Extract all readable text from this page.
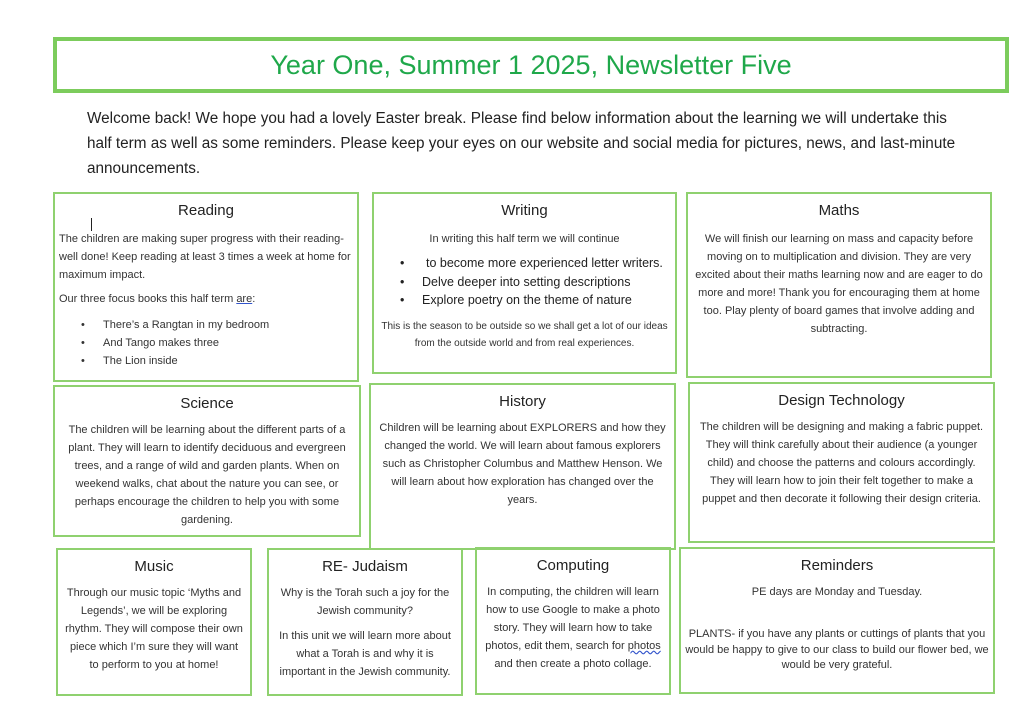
Year One, Summer 1 2025, Newsletter Five
Welcome back! We hope you had a lovely Easter break. Please find below information about the learning we will undertake this half term as well as some reminders. Please keep your eyes on our website and social media for pictures, news, and last-minute announcements.
Reading

The children are making super progress with their reading- well done! Keep reading at least 3 times a week at home for maximum impact.

Our three focus books this half term are:

• There’s a Rangtan in my bedroom
• And Tango makes three
• The Lion inside
Writing

In writing this half term we will continue

• to become more experienced letter writers.
• Delve deeper into setting descriptions
• Explore poetry on the theme of nature

This is the season to be outside so we shall get a lot of our ideas from the outside world and from real experiences.

Maths

We will finish our learning on mass and capacity before moving on to multiplication and division. They are very excited about their maths learning now and are eager to do more and more! Thank you for encouraging them at home too. Play plenty of board games that involve adding and subtracting.

Science

The children will be learning about the different parts of a plant. They will learn to identify deciduous and evergreen trees, and a range of wild and garden plants. When on weekend walks, chat about the nature you can see, or perhaps encourage the children to help you with some gardening.

History

Children will be learning about EXPLORERS and how they changed the world. We will learn about famous explorers such as Christopher Columbus and Matthew Henson. We will learn about how exploration has changed over the years.

Design Technology

The children will be designing and making a fabric puppet. They will think carefully about their audience (a younger child) and choose the patterns and colours accordingly. They will learn how to join their felt together to make a puppet and then decorate it following their design criteria.

Music

Through our music topic ‘Myths and Legends’, we will be exploring rhythm. They will compose their own piece which I’m sure they will want to perform to you at home!

RE- Judaism

Why is the Torah such a joy for the Jewish community?

In this unit we will learn more about what a Torah is and why it is important in the Jewish community.

Computing

In computing, the children will learn how to use Google to make a photo story. They will learn how to take photos, edit them, search for photos and then create a photo collage.

Reminders

PE days are Monday and Tuesday.

PLANTS- if you have any plants or cuttings of plants that you would be happy to give to our class to build our flower bed, we would be very grateful.
